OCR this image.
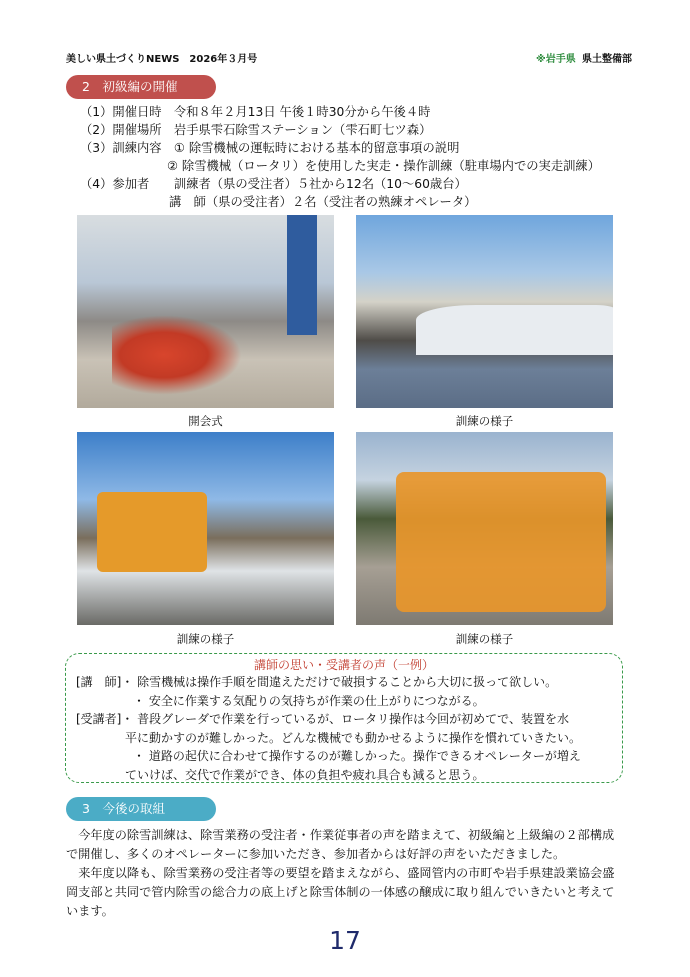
美しい県土づくりNEWS　2026年３月号	※岩手県 県土整備部
2　初級編の開催
（1）開催日時　令和８年２月13日 午後１時30分から午後４時
（2）開催場所　岩手県雫石除雪ステーション（雫石町七ツ森）
（3）訓練内容　① 除雪機械の運転時における基本的留意事項の説明
② 除雪機械（ロータリ）を使用した実走・操作訓練（駐車場内での実走訓練）
（4）参加者　　訓練者（県の受注者）５社から12名（10～60歳台）
講　師（県の受注者）２名（受注者の熟練オペレータ）
開会式	訓練の様子
訓練の様子	訓練の様子
講師の思い・受講者の声（一例）
[講　師]・ 除雪機械は操作手順を間違えただけで破損することから大切に扱って欲しい。
・ 安全に作業する気配りの気持ちが作業の仕上がりにつながる。
[受講者]・ 普段グレーダで作業を行っているが、ロータリ操作は今回が初めてで、装置を水
平に動かすのが難しかった。どんな機械でも動かせるように操作を慣れていきたい。
・ 道路の起伏に合わせて操作するのが難しかった。操作できるオペレーターが増え
ていけば、交代で作業ができ、体の負担や疲れ具合も減ると思う。
3　今後の取組

今年度の除雪訓練は、除雪業務の受注者・作業従事者の声を踏まえて、初級編と上級編の２部構成で開催し、多くのオペレーターに参加いただき、参加者からは好評の声をいただきました。

来年度以降も、除雪業務の受注者等の要望を踏まえながら、盛岡管内の市町や岩手県建設業協会盛岡支部と共同で管内除雪の総合力の底上げと除雪体制の一体感の醸成に取り組んでいきたいと考えています。

17
